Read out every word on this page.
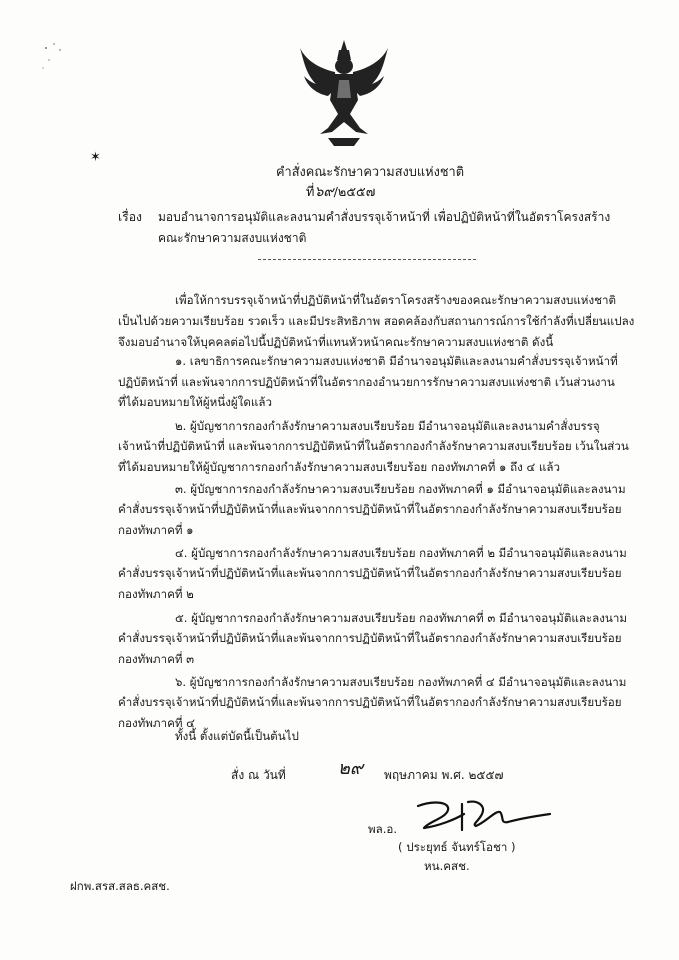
✶
คำสั่งคณะรักษาความสงบแห่งชาติ
ที่๖๙/๒๕๕๗
เรื่อง มอบอำนาจการอนุมัติและลงนามคำสั่งบรรจุเจ้าหน้าที่ เพื่อปฏิบัติหน้าที่ในอัตราโครงสร้าง
คณะรักษาความสงบแห่งชาติ
เพื่อให้การบรรจุเจ้าหน้าที่ปฏิบัติหน้าที่ในอัตราโครงสร้างของคณะรักษาความสงบแห่งชาติ
เป็นไปด้วยความเรียบร้อย รวดเร็ว และมีประสิทธิภาพ สอดคล้องกับสถานการณ์การใช้กำลังที่เปลี่ยนแปลง
จึงมอบอำนาจให้บุคคลต่อไปนี้ปฏิบัติหน้าที่แทนหัวหน้าคณะรักษาความสงบแห่งชาติ ดังนี้
๑. เลขาธิการคณะรักษาความสงบแห่งชาติ มีอำนาจอนุมัติและลงนามคำสั่งบรรจุเจ้าหน้าที่
ปฏิบัติหน้าที่ และพ้นจากการปฏิบัติหน้าที่ในอัตรากองอำนวยการรักษาความสงบแห่งชาติ เว้นส่วนงาน
ที่ได้มอบหมายให้ผู้หนึ่งผู้ใดแล้ว
๒. ผู้บัญชาการกองกำลังรักษาความสงบเรียบร้อย มีอำนาจอนุมัติและลงนามคำสั่งบรรจุ
เจ้าหน้าที่ปฏิบัติหน้าที่ และพ้นจากการปฏิบัติหน้าที่ในอัตรากองกำลังรักษาความสงบเรียบร้อย เว้นในส่วน
ที่ได้มอบหมายให้ผู้บัญชาการกองกำลังรักษาความสงบเรียบร้อย กองทัพภาคที่ ๑ ถึง ๔ แล้ว
๓. ผู้บัญชาการกองกำลังรักษาความสงบเรียบร้อย กองทัพภาคที่ ๑ มีอำนาจอนุมัติและลงนาม
คำสั่งบรรจุเจ้าหน้าที่ปฏิบัติหน้าที่และพ้นจากการปฏิบัติหน้าที่ในอัตรากองกำลังรักษาความสงบเรียบร้อย
กองทัพภาคที่ ๑
๔. ผู้บัญชาการกองกำลังรักษาความสงบเรียบร้อย กองทัพภาคที่ ๒ มีอำนาจอนุมัติและลงนาม
คำสั่งบรรจุเจ้าหน้าที่ปฏิบัติหน้าที่และพ้นจากการปฏิบัติหน้าที่ในอัตรากองกำลังรักษาความสงบเรียบร้อย
กองทัพภาคที่ ๒
๕. ผู้บัญชาการกองกำลังรักษาความสงบเรียบร้อย กองทัพภาคที่ ๓ มีอำนาจอนุมัติและลงนาม
คำสั่งบรรจุเจ้าหน้าที่ปฏิบัติหน้าที่และพ้นจากการปฏิบัติหน้าที่ในอัตรากองกำลังรักษาความสงบเรียบร้อย
กองทัพภาคที่ ๓
๖. ผู้บัญชาการกองกำลังรักษาความสงบเรียบร้อย กองทัพภาคที่ ๔ มีอำนาจอนุมัติและลงนาม
คำสั่งบรรจุเจ้าหน้าที่ปฏิบัติหน้าที่และพ้นจากการปฏิบัติหน้าที่ในอัตรากองกำลังรักษาความสงบเรียบร้อย
กองทัพภาคที่ ๔
ทั้งนี้ ตั้งแต่บัดนี้เป็นต้นไป
สั่ง ณ วันที่	๒๙ พฤษภาคม พ.ศ. ๒๕๕๗
พล.อ.
( ประยุทธ์ จันทร์โอชา )
หน.คสช.
ฝกพ.สรส.สลธ.คสช.
